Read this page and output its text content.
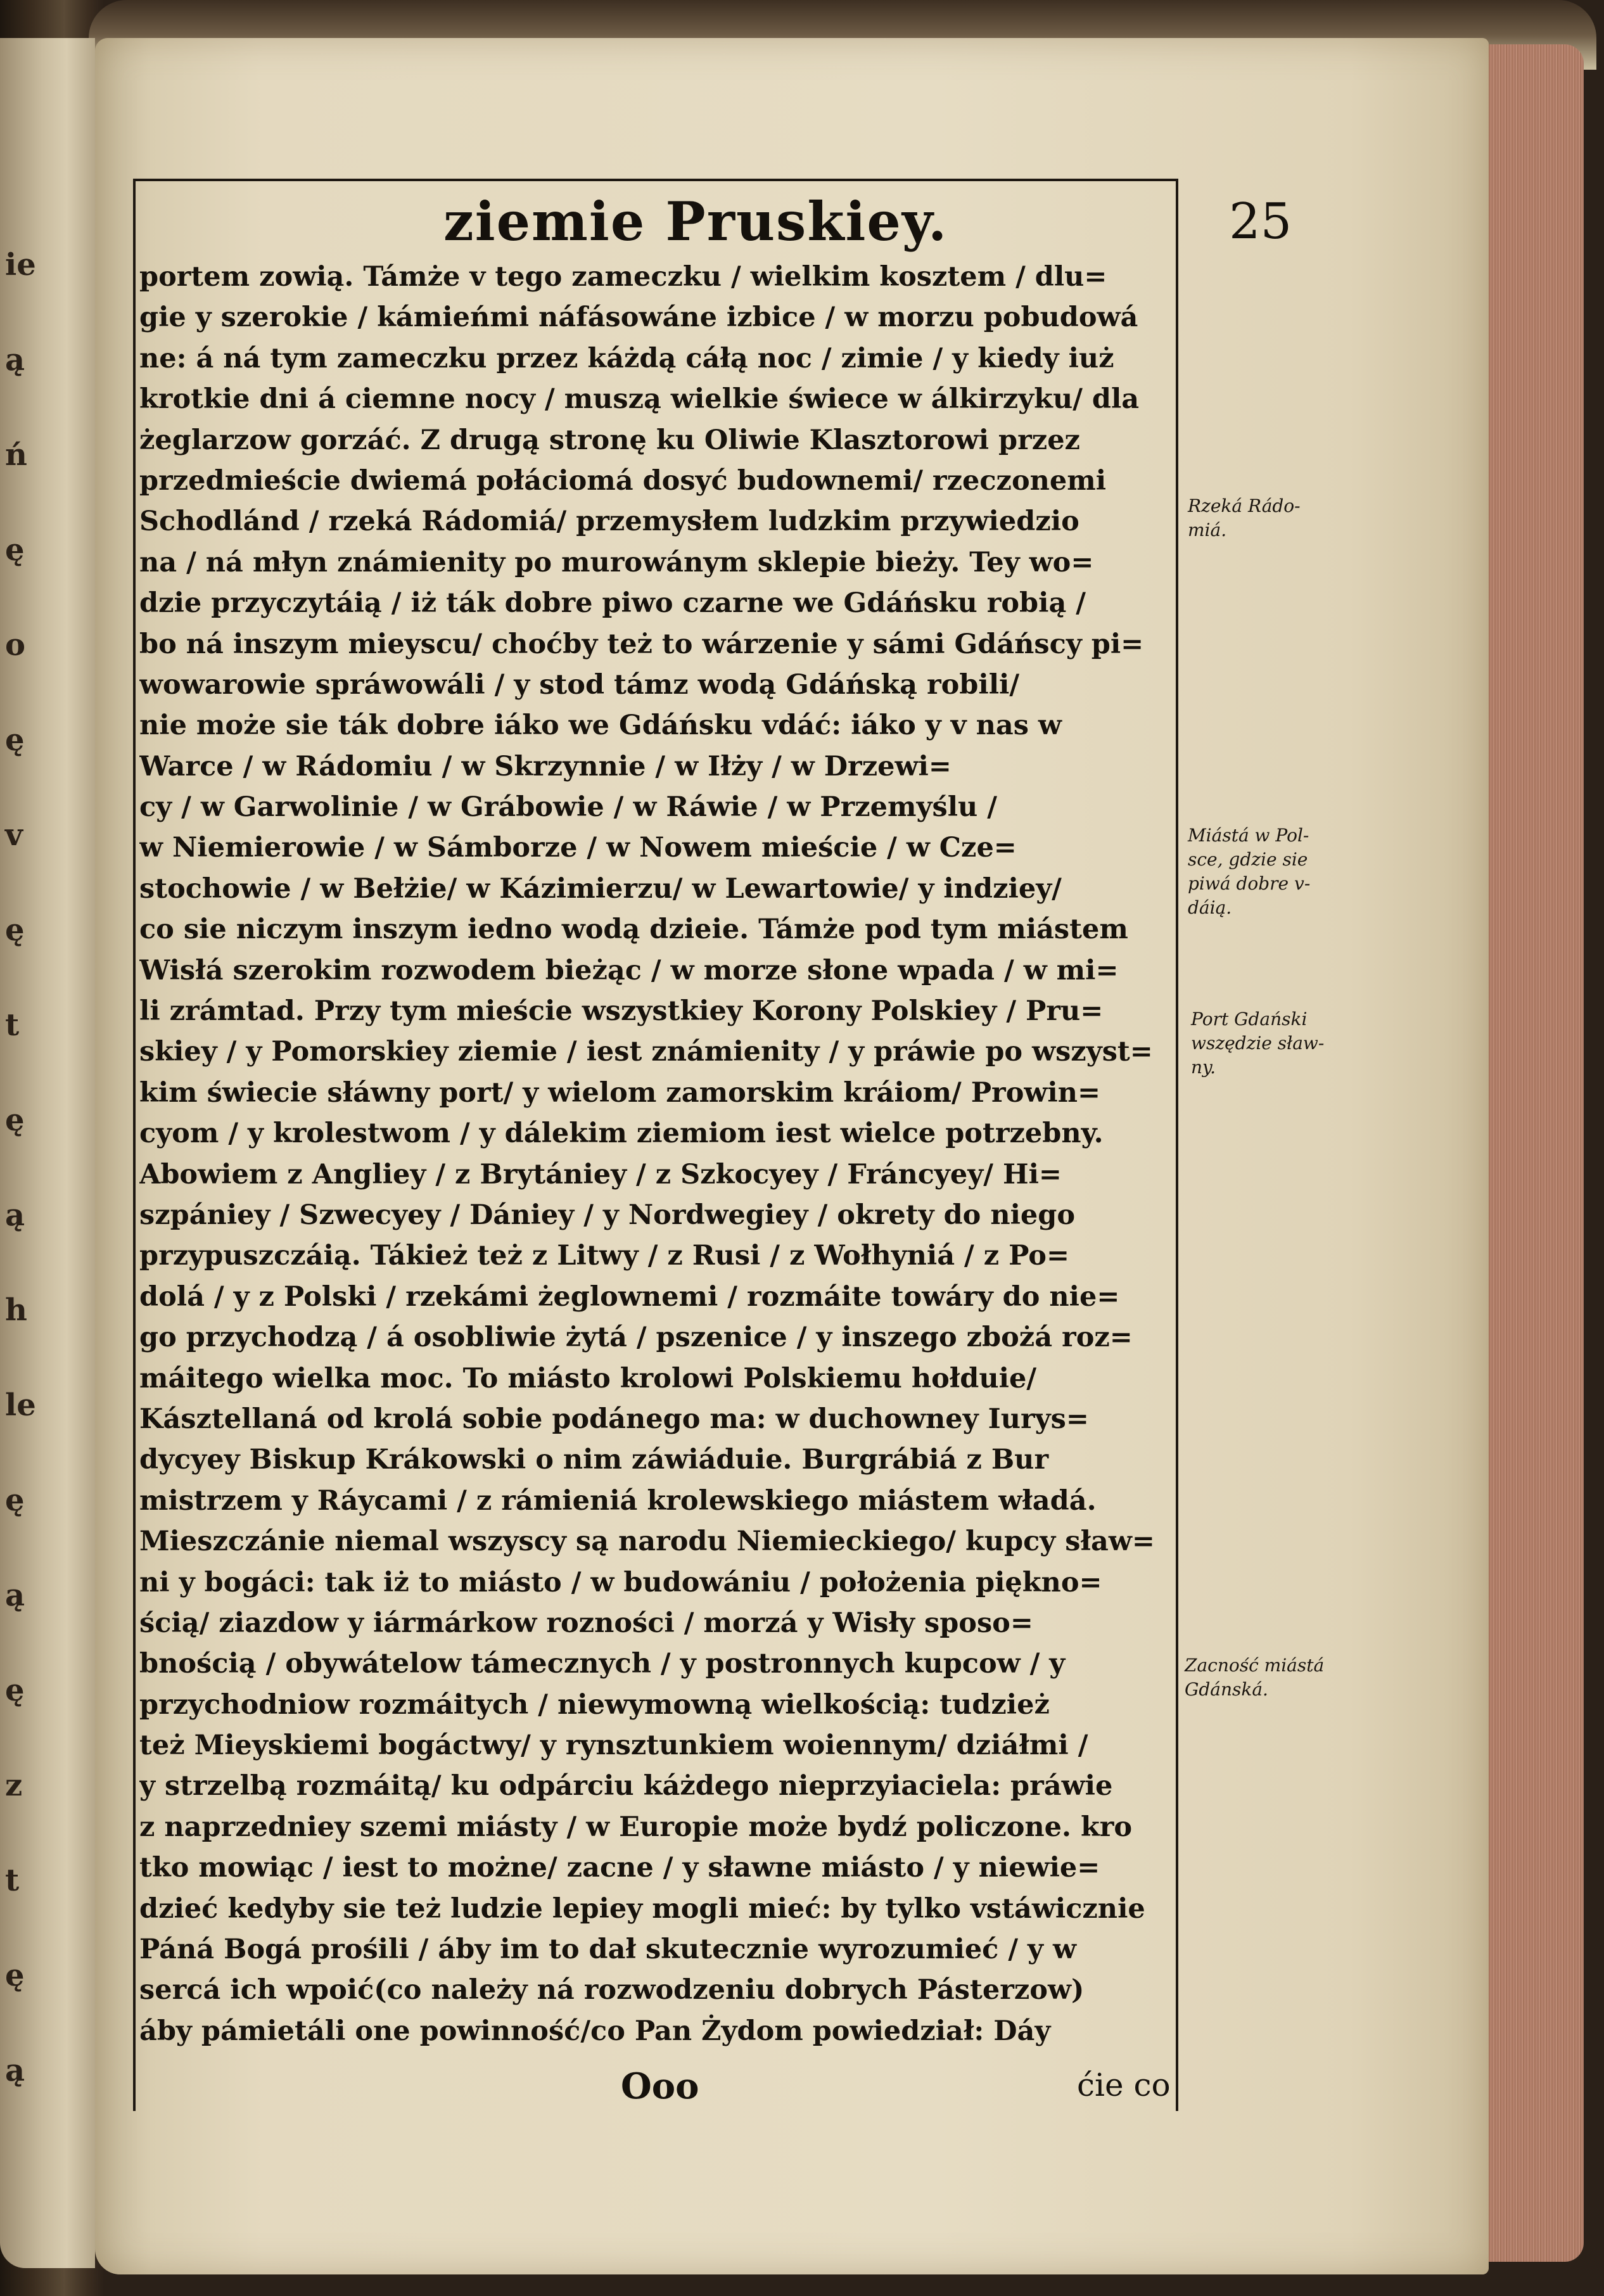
ie
ą
ń
ę
o
ę
v
ę
t
ę
ą
h
le
ę
ą
ę
z
t
ę
ą
ziemie Pruskiey.	25
portem zowią. Támże v tego zameczku / wielkim kosztem / dlu=
gie y szerokie / kámieńmi náfásowáne izbice / w morzu pobudowá
ne: á ná tym zameczku przez káżdą cáłą noc / zimie / y kiedy iuż
krotkie dni á ciemne nocy / muszą wielkie świece w álkirzyku/ dla
żeglarzow gorzáć. Z drugą stronę ku Oliwie Klasztorowi przez
przedmieście dwiemá połáciomá dosyć budownemi/ rzeczonemi
Schodlánd / rzeká Rádomiá/ przemysłem ludzkim przywiedzio
na / ná młyn známienity po murowánym sklepie bieży. Tey wo=
dzie przyczytáią / iż ták dobre piwo czarne we Gdáńsku robią /
bo ná inszym mieyscu/ choćby też to wárzenie y sámi Gdáńscy pi=
wowarowie spráwowáli / y stod támz wodą Gdáńską robili/
nie może sie ták dobre iáko we Gdáńsku vdáć: iáko y v nas w
Warce / w Rádomiu / w Skrzynnie / w Iłży / w Drzewi=
cy / w Garwolinie / w Grábowie / w Ráwie / w Przemyślu /
w Niemierowie / w Sámborze / w Nowem mieście / w Cze=
stochowie / w Bełżie/ w Kázimierzu/ w Lewartowie/ y indziey/
co sie niczym inszym iedno wodą dzieie. Támże pod tym miástem
Wisłá szerokim rozwodem bieżąc / w morze słone wpada / w mi=
li zrámtad. Przy tym mieście wszystkiey Korony Polskiey / Pru=
skiey / y Pomorskiey ziemie / iest známienity / y práwie po wszyst=
kim świecie słáwny port/ y wielom zamorskim kráiom/ Prowin=
cyom / y krolestwom / y dálekim ziemiom iest wielce potrzebny.
Abowiem z Angliey / z Brytániey / z Szkocyey / Fráncyey/ Hi=
szpániey / Szwecyey / Dániey / y Nordwegiey / okrety do niego
przypuszczáią. Tákież też z Litwy / z Rusi / z Wołhyniá / z Po=
dolá / y z Polski / rzekámi żeglownemi / rozmáite towáry do nie=
go przychodzą / á osobliwie żytá / pszenice / y inszego zbożá roz=
máitego wielka moc. To miásto krolowi Polskiemu hołduie/
Kásztellaná od krolá sobie podánego ma: w duchowney Iurys=
dycyey Biskup Krákowski o nim záwiáduie. Burgrábiá z Bur
mistrzem y Ráycami / z rámieniá krolewskiego miástem władá.
Mieszczánie niemal wszyscy są narodu Niemieckiego/ kupcy sław=
ni y bogáci: tak iż to miásto / w budowániu / położenia piękno=
ścią/ ziazdow y iármárkow rozności / morzá y Wisły sposo=
bnością / obywátelow támecznych / y postronnych kupcow / y
przychodniow rozmáitych / niewymowną wielkością: tudzież
też Mieyskiemi bogáctwy/ y rynsztunkiem woiennym/ dziáłmi /
y strzelbą rozmáitą/ ku odpárciu káżdego nieprzyiaciela: práwie
z naprzedniey szemi miásty / w Europie może bydź policzone. kro
tko mowiąc / iest to możne/ zacne / y sławne miásto / y niewie=
dzieć kedyby sie też ludzie lepiey mogli mieć: by tylko vstáwicznie
Páná Bogá prośili / áby im to dał skutecznie wyrozumieć / y w
sercá ich wpoić(co należy ná rozwodzeniu dobrych Pásterzow)
áby pámietáli one powinność/co Pan Żydom powiedział: Dáy
Rzeká Rádo-
miá.
Miástá w Pol-
sce, gdzie sie
piwá dobre v-
dáią.
Port Gdański
wszędzie sław-
ny.
Zacność miástá
Gdánská.
Ooo	ćie co
